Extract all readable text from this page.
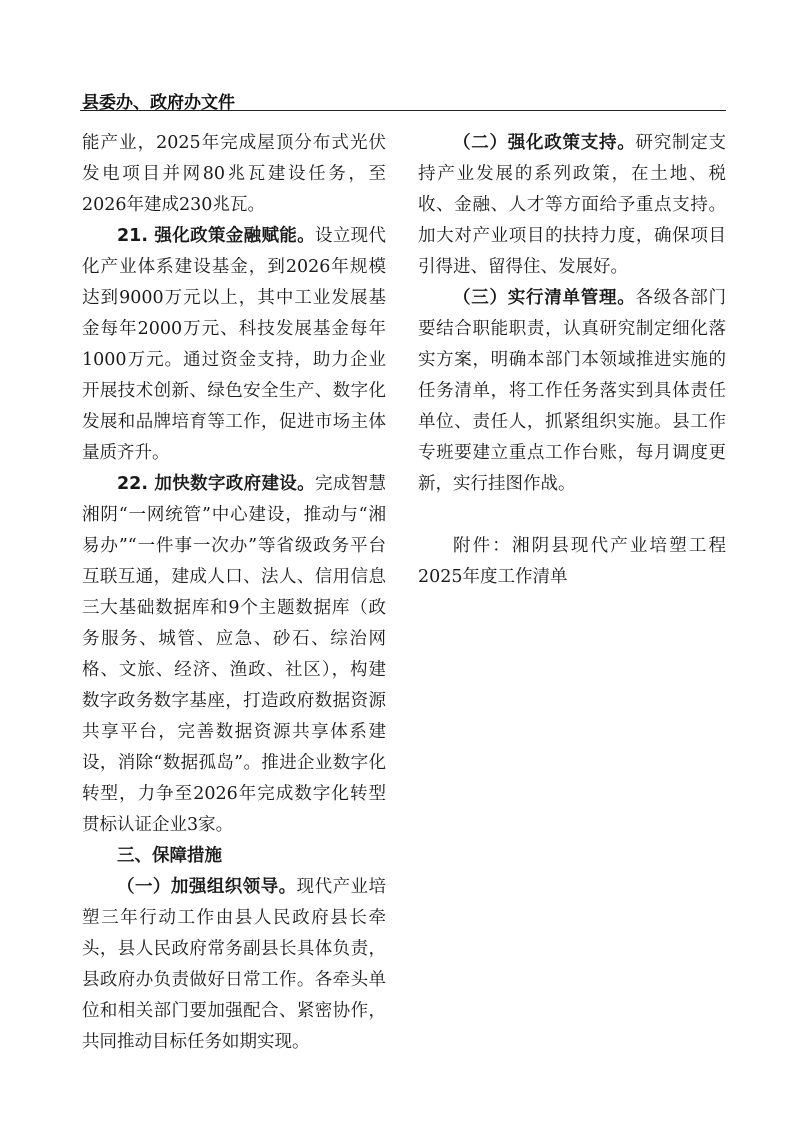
县委办、政府办文件

能产业，2025年完成屋顶分布式光伏发电项目并网80兆瓦建设任务，至2026年建成230兆瓦。

21. 强化政策金融赋能。设立现代化产业体系建设基金，到2026年规模达到9000万元以上，其中工业发展基金每年2000万元、科技发展基金每年1000万元。通过资金支持，助力企业开展技术创新、绿色安全生产、数字化发展和品牌培育等工作，促进市场主体量质齐升。

22. 加快数字政府建设。完成智慧湘阴“一网统管”中心建设，推动与“湘易办”“一件事一次办”等省级政务平台互联互通，建成人口、法人、信用信息三大基础数据库和9个主题数据库（政务服务、城管、应急、砂石、综治网格、文旅、经济、渔政、社区），构建数字政务数字基座，打造政府数据资源共享平台，完善数据资源共享体系建设，消除“数据孤岛”。推进企业数字化转型，力争至2026年完成数字化转型贯标认证企业3家。

三、保障措施

（一）加强组织领导。现代产业培塑三年行动工作由县人民政府县长牵头，县人民政府常务副县长具体负责，县政府办负责做好日常工作。各牵头单位和相关部门要加强配合、紧密协作，共同推动目标任务如期实现。

（二）强化政策支持。研究制定支持产业发展的系列政策，在土地、税收、金融、人才等方面给予重点支持。加大对产业项目的扶持力度，确保项目引得进、留得住、发展好。

（三）实行清单管理。各级各部门要结合职能职责，认真研究制定细化落实方案，明确本部门本领域推进实施的任务清单，将工作任务落实到具体责任单位、责任人，抓紧组织实施。县工作专班要建立重点工作台账，每月调度更新，实行挂图作战。

附件：湘阴县现代产业培塑工程2025年度工作清单
